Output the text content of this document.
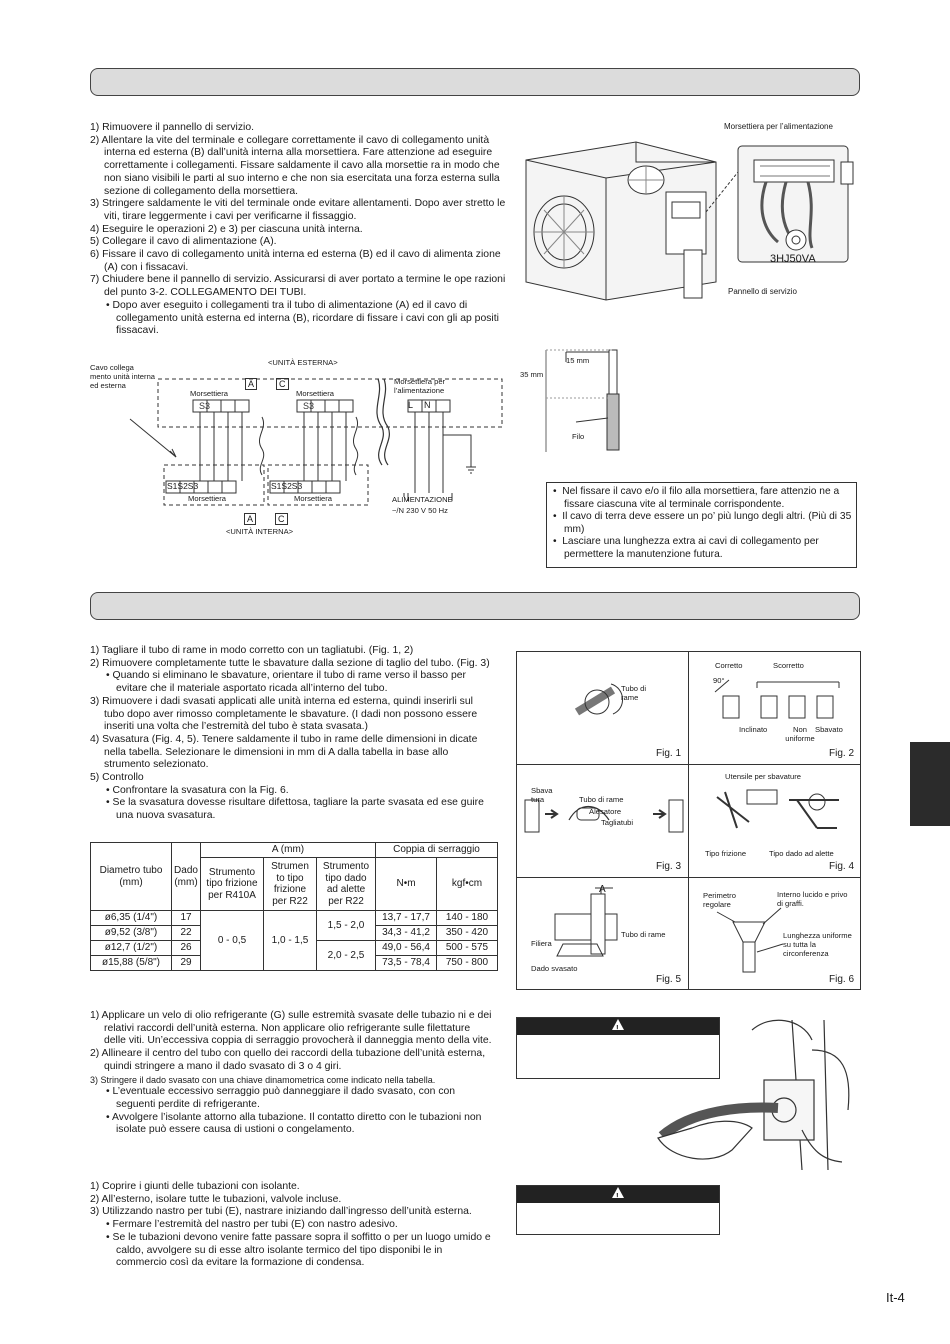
1) Rimuovere il pannello di servizio.
2) Allentare la vite del terminale e collegare correttamente il cavo di collegamento unità interna ed esterna (B) dall’unità interna alla morsettiera. Fare attenzione ad eseguire correttamente i collegamenti. Fissare saldamente il cavo alla morsettie ra in modo che non siano visibili le parti al suo interno e che non sia esercitata una forza esterna sulla sezione di collegamento della morsettiera.
3) Stringere saldamente le viti del terminale onde evitare allentamenti. Dopo aver stretto le viti, tirare leggermente i cavi per verificarne il fissaggio.
4) Eseguire le operazioni 2) e 3) per ciascuna unità interna.
5) Collegare il cavo di alimentazione (A).
6) Fissare il cavo di collegamento unità interna ed esterna (B) ed il cavo di alimenta zione (A) con i fissacavi.
7) Chiudere bene il pannello di servizio. Assicurarsi di aver portato a termine le ope razioni del punto 3-2. COLLEGAMENTO DEI TUBI.
• Dopo aver eseguito i collegamenti tra il tubo di alimentazione (A) ed il cavo di collegamento unità esterna ed interna (B), ricordare di fissare i cavi con gli ap positi fissacavi.
Morsettiera per l’alimentazione
3HJ50VA
Pannello di servizio
S3	S3
Cavo collega mento unità interna ed esterna
<UNITÀ ESTERNA>
Morsettiera	Morsettiera
Morsettiera per l’alimentazione
A	C
L N
S1S2S3	S1S2S3
Morsettiera	Morsettiera
A	C
<UNITÀ INTERNA>
ALIMENTAZIONE
~/N 230 V 50 Hz
15 mm
35 mm
Filo
•  Nel fissare il cavo e/o il filo alla morsettiera, fare attenzio ne a fissare ciascuna vite al terminale corrispondente.
•  Il cavo di terra deve essere un po’ più lungo degli altri. (Più di 35 mm)
•  Lasciare una lunghezza extra ai cavi di collegamento per permettere la manutenzione futura.
1) Tagliare il tubo di rame in modo corretto con un tagliatubi. (Fig. 1, 2)
2) Rimuovere completamente tutte le sbavature dalla sezione di taglio del tubo. (Fig. 3)
• Quando si eliminano le sbavature, orientare il tubo di rame verso il basso per evitare che il materiale asportato ricada all’interno del tubo.
3) Rimuovere i dadi svasati applicati alle unità interna ed esterna, quindi inserirli sul tubo dopo aver rimosso completamente le sbavature. (I dadi non possono essere inseriti una volta che l’estremità del tubo è stata svasata.)
4) Svasatura (Fig. 4, 5). Tenere saldamente il tubo in rame delle dimensioni in dicate nella tabella. Selezionare le dimensioni in mm di A dalla tabella in base allo strumento selezionato.
5) Controllo
• Confrontare la svasatura con la Fig. 6.
• Se la svasatura dovesse risultare difettosa, tagliare la parte svasata ed ese guire una nuova svasatura.
Diametro tubo (mm)	Dado (mm)	A (mm)			Coppia di serraggio	
		Strumento tipo frizione per R410A	Strumen to tipo frizione per R22	Strumento tipo dado ad alette per R22	N•m	kgf•cm
ø6,35 (1/4")	17	0 - 0,5	1,0 - 1,5	1,5 - 2,0	13,7 - 17,7	140 - 180
ø9,52 (3/8")	22				34,3 - 41,2	350 - 420
ø12,7 (1/2")	26			2,0 - 2,5	49,0 - 56,4	500 - 575
ø15,88 (5/8")	29				73,5 - 78,4	750 - 800
Fig. 1	Fig. 2
Fig. 3	Fig. 4
Fig. 5	Fig. 6
Tubo di rame
Corretto	Scorretto
90°
Inclinato	Non uniforme
Sbavato
Sbava tura	Tubo di rame
Alesatore
Tagliatubi
Utensile per sbavature
Tipo frizione	Tipo dado ad alette
A
Filiera
Tubo di rame
Dado svasato
Perimetro regolare
Interno lucido e privo di graffi.
Lunghezza uniforme su tutta la circonferenza
1) Applicare un velo di olio refrigerante (G) sulle estremità svasate delle tubazio ni e dei relativi raccordi dell’unità esterna. Non applicare olio refrigerante sulle filettature delle viti. Un’eccessiva coppia di serraggio provocherà il danneggia mento della vite.
2) Allineare il centro del tubo con quello dei raccordi della tubazione dell’unità esterna, quindi stringere a mano il dado svasato di 3 o 4 giri.
3) Stringere il dado svasato con una chiave dinamometrica come indicato nella tabella.
• L’eventuale eccessivo serraggio può danneggiare il dado svasato, con con seguenti perdite di refrigerante.
• Avvolgere l’isolante attorno alla tubazione. Il contatto diretto con le tubazioni non isolate può essere causa di ustioni o congelamento.
!
!
1) Coprire i giunti delle tubazioni con isolante.
2) All’esterno, isolare tutte le tubazioni, valvole incluse.
3) Utilizzando nastro per tubi (E), nastrare iniziando dall’ingresso dell’unità esterna.
• Fermare l’estremità del nastro per tubi (E) con nastro adesivo.
• Se le tubazioni devono venire fatte passare sopra il soffitto o per un luogo umido e caldo, avvolgere su di esse altro isolante termico del tipo disponibi le in commercio così da evitare la formazione di condensa.
It-4
